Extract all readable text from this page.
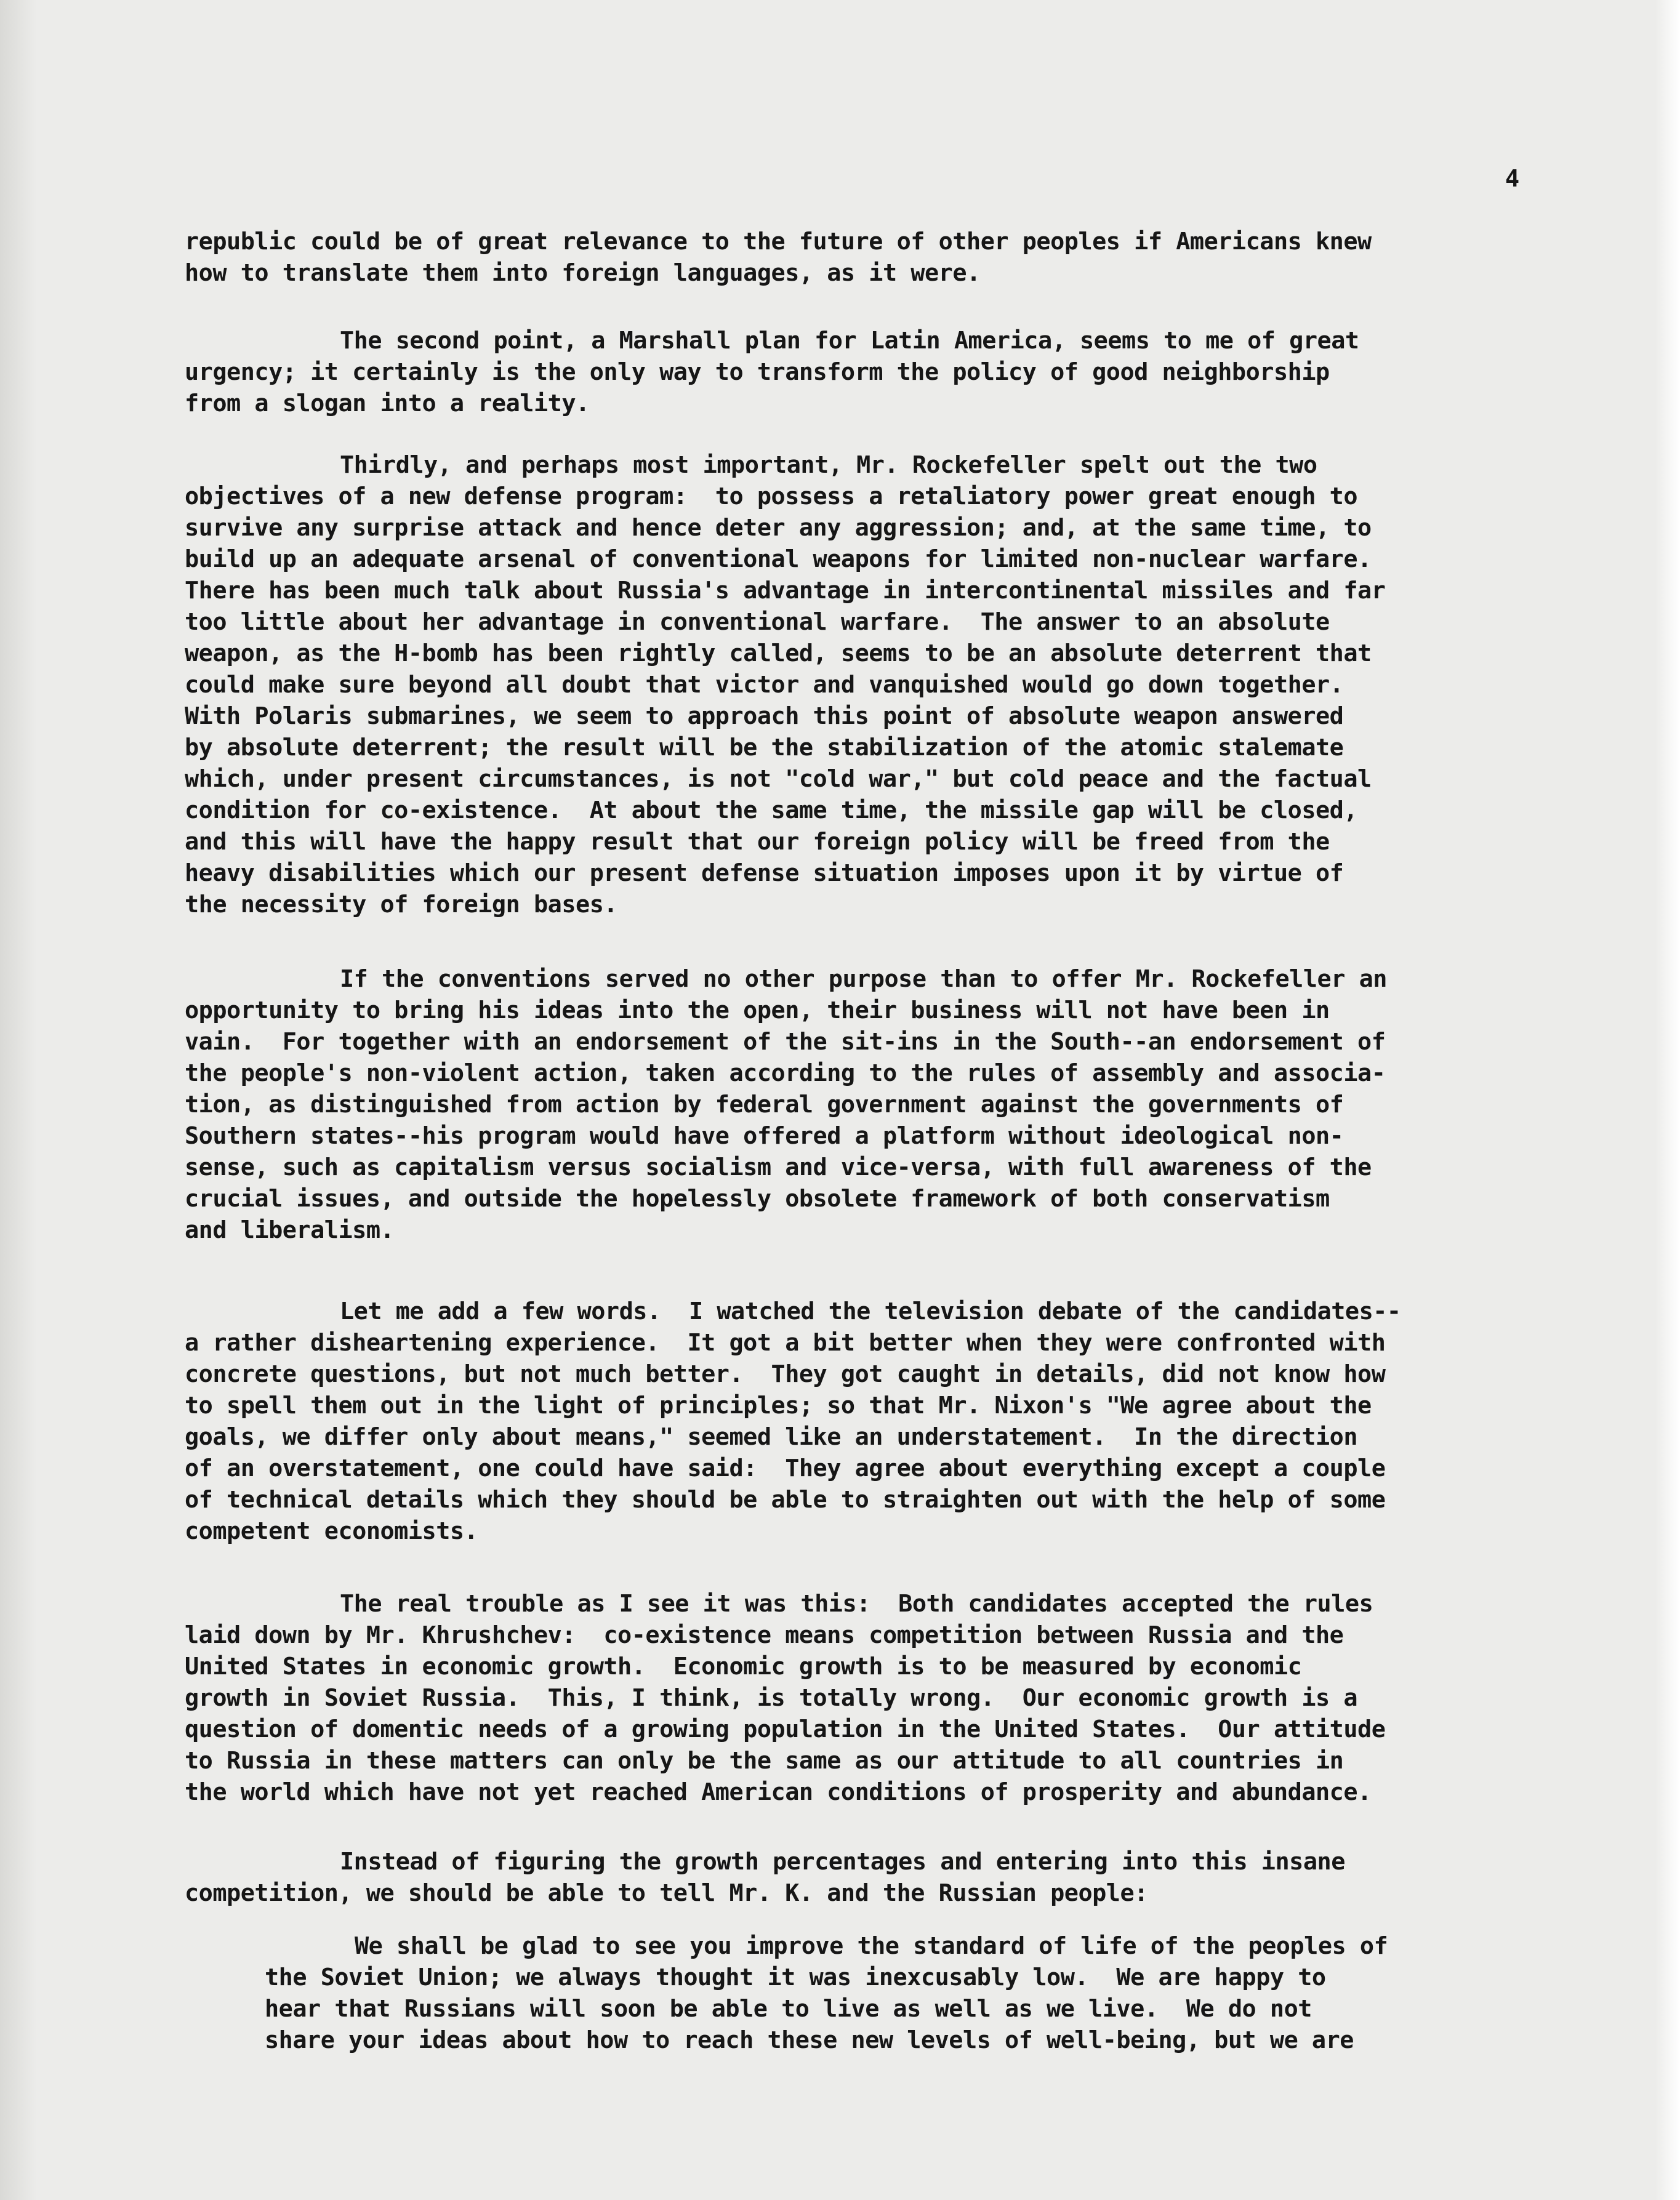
4
republic could be of great relevance to the future of other peoples if Americans knew
how to translate them into foreign languages, as it were.
The second point, a Marshall plan for Latin America, seems to me of great
urgency; it certainly is the only way to transform the policy of good neighborship
from a slogan into a reality.
Thirdly, and perhaps most important, Mr. Rockefeller spelt out the two
objectives of a new defense program:  to possess a retaliatory power great enough to
survive any surprise attack and hence deter any aggression; and, at the same time, to
build up an adequate arsenal of conventional weapons for limited non-nuclear warfare.
There has been much talk about Russia's advantage in intercontinental missiles and far
too little about her advantage in conventional warfare.  The answer to an absolute
weapon, as the H-bomb has been rightly called, seems to be an absolute deterrent that
could make sure beyond all doubt that victor and vanquished would go down together.
With Polaris submarines, we seem to approach this point of absolute weapon answered
by absolute deterrent; the result will be the stabilization of the atomic stalemate
which, under present circumstances, is not "cold war," but cold peace and the factual
condition for co-existence.  At about the same time, the missile gap will be closed,
and this will have the happy result that our foreign policy will be freed from the
heavy disabilities which our present defense situation imposes upon it by virtue of
the necessity of foreign bases.
If the conventions served no other purpose than to offer Mr. Rockefeller an
opportunity to bring his ideas into the open, their business will not have been in
vain.  For together with an endorsement of the sit-ins in the South--an endorsement of
the people's non-violent action, taken according to the rules of assembly and associa-
tion, as distinguished from action by federal government against the governments of
Southern states--his program would have offered a platform without ideological non-
sense, such as capitalism versus socialism and vice-versa, with full awareness of the
crucial issues, and outside the hopelessly obsolete framework of both conservatism
and liberalism.
Let me add a few words.  I watched the television debate of the candidates--
a rather disheartening experience.  It got a bit better when they were confronted with
concrete questions, but not much better.  They got caught in details, did not know how
to spell them out in the light of principles; so that Mr. Nixon's "We agree about the
goals, we differ only about means," seemed like an understatement.  In the direction
of an overstatement, one could have said:  They agree about everything except a couple
of technical details which they should be able to straighten out with the help of some
competent economists.
The real trouble as I see it was this:  Both candidates accepted the rules
laid down by Mr. Khrushchev:  co-existence means competition between Russia and the
United States in economic growth.  Economic growth is to be measured by economic
growth in Soviet Russia.  This, I think, is totally wrong.  Our economic growth is a
question of domentic needs of a growing population in the United States.  Our attitude
to Russia in these matters can only be the same as our attitude to all countries in
the world which have not yet reached American conditions of prosperity and abundance.
Instead of figuring the growth percentages and entering into this insane
competition, we should be able to tell Mr. K. and the Russian people:
We shall be glad to see you improve the standard of life of the peoples of
the Soviet Union; we always thought it was inexcusably low.  We are happy to
hear that Russians will soon be able to live as well as we live.  We do not
share your ideas about how to reach these new levels of well-being, but we are
